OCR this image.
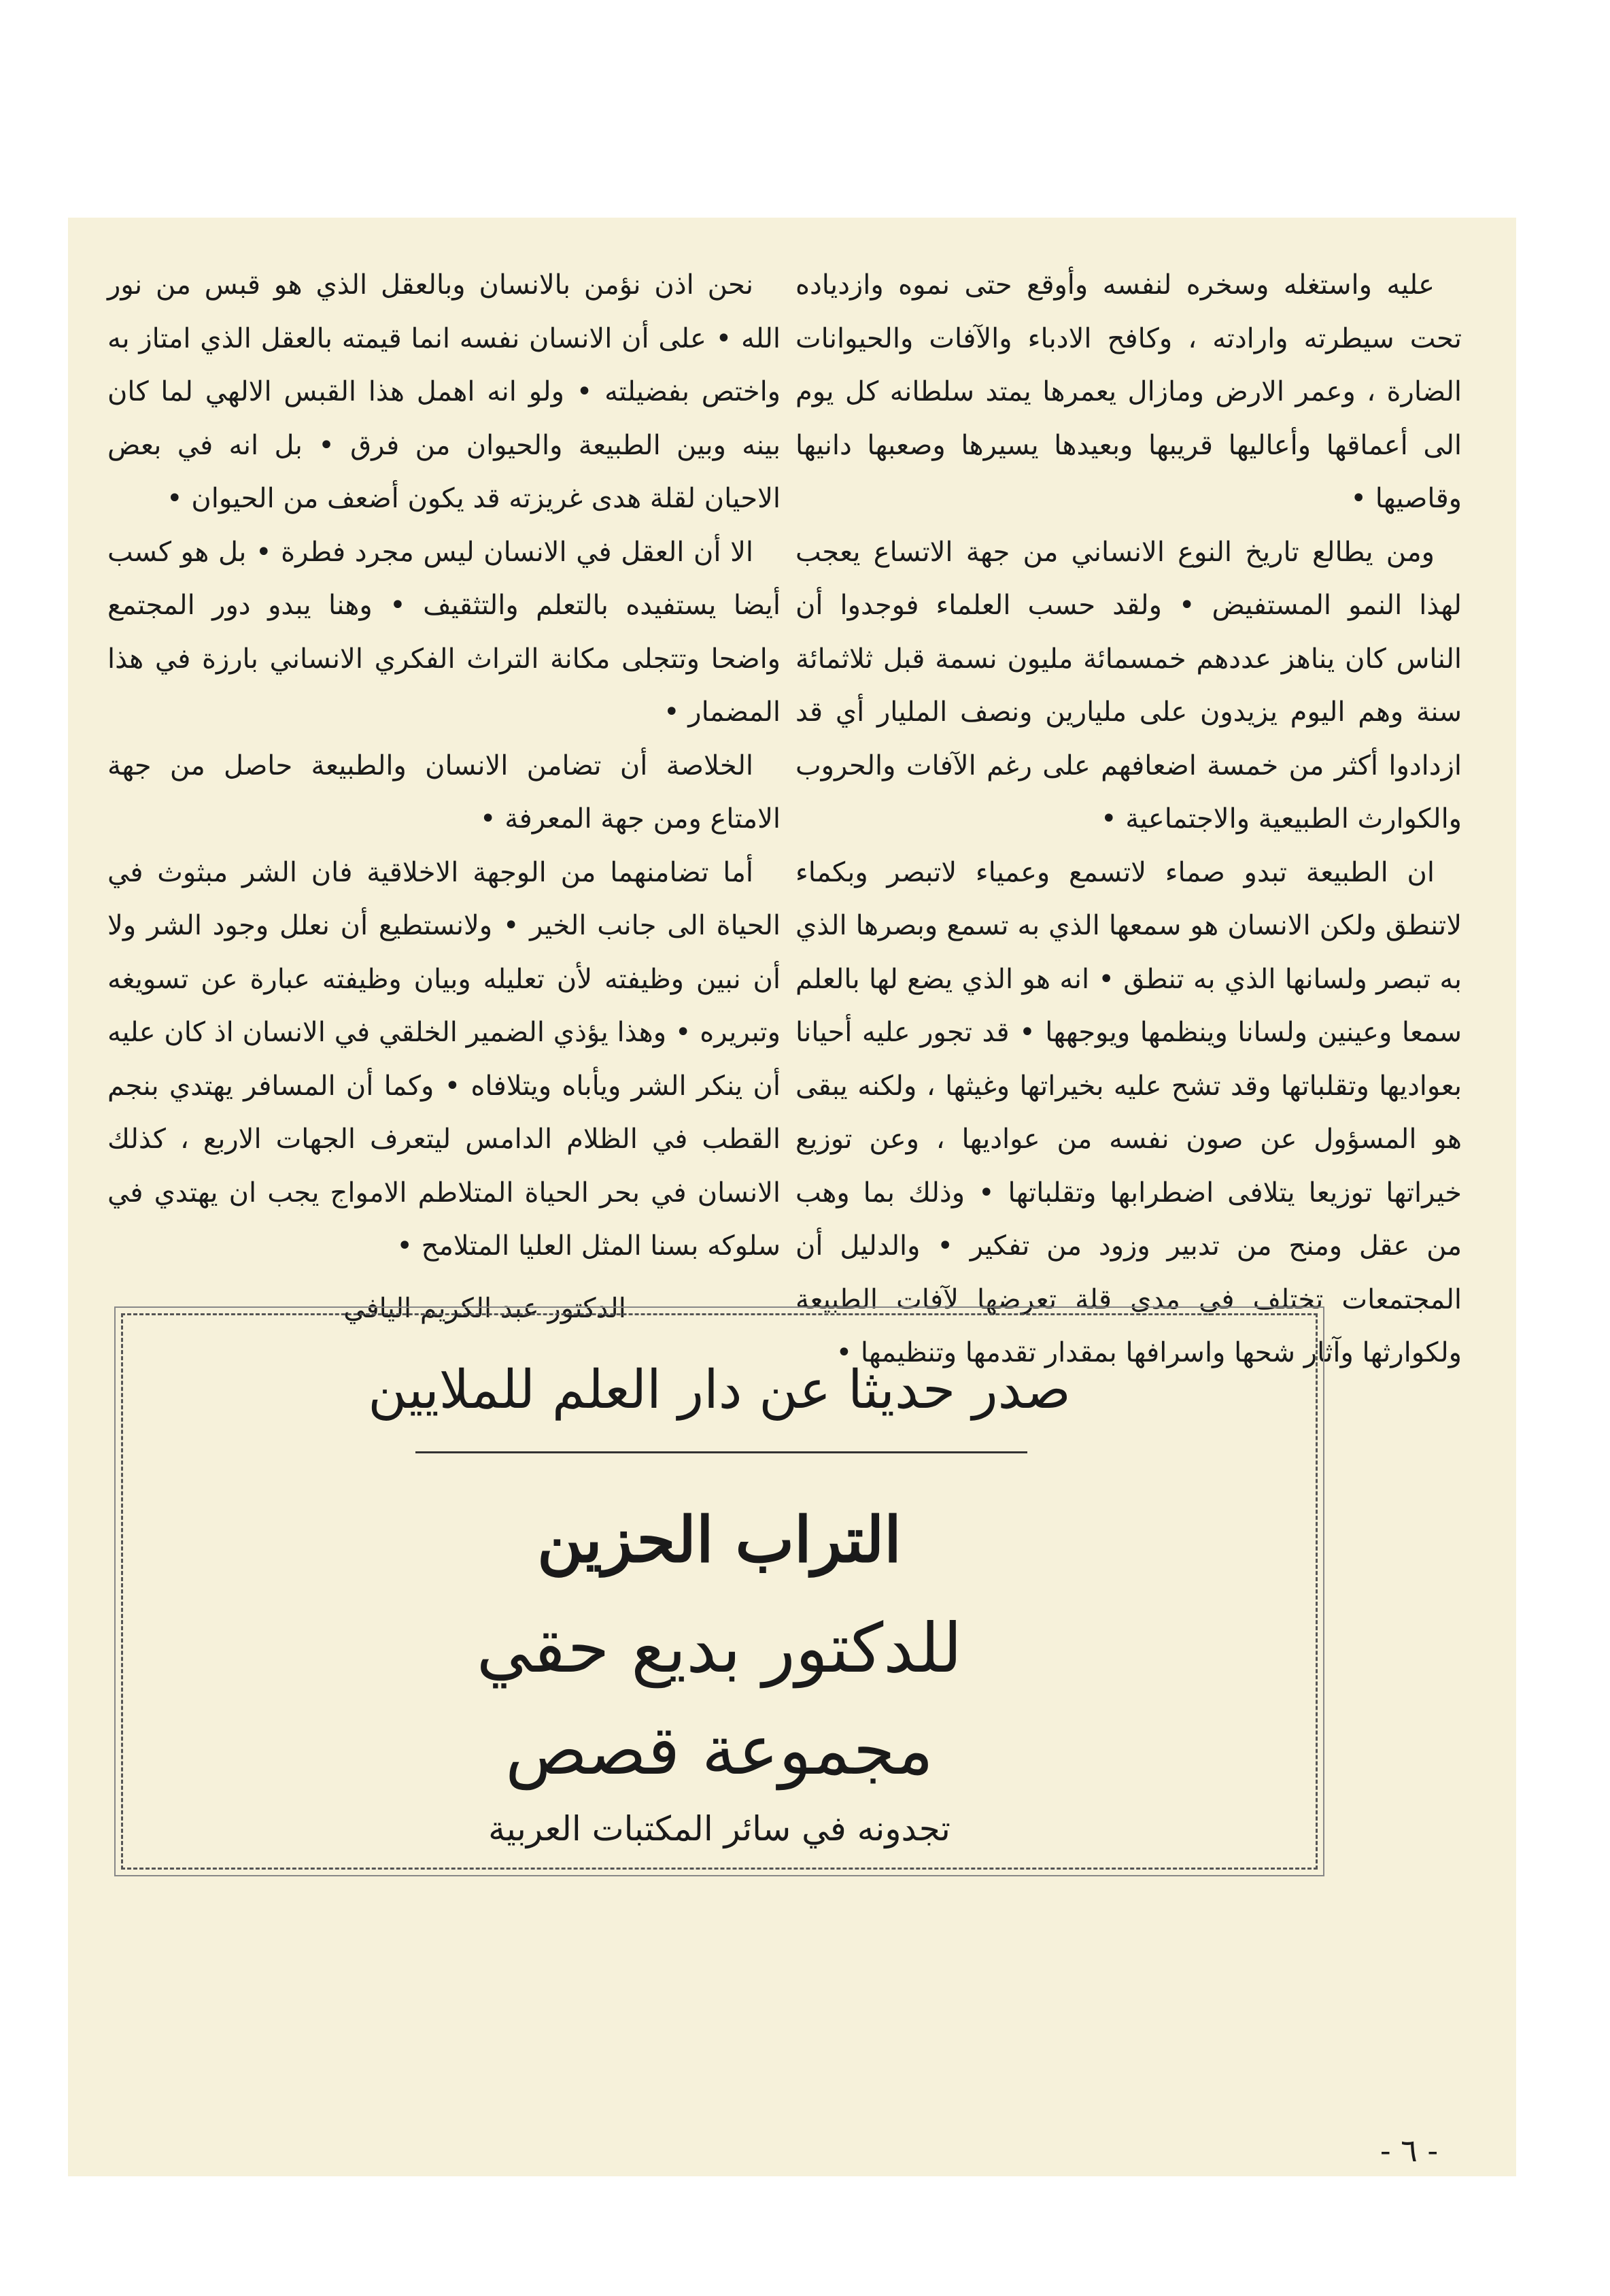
عليه واستغله وسخره لنفسه وأوقع حتى نموه وازدياده تحت سيطرته وارادته ، وكافح الادباء والآفات والحيوانات الضارة ، وعمر الارض ومازال يعمرها يمتد سلطانه كل يوم الى أعماقها وأعاليها قريبها وبعيدها يسيرها وصعبها دانيها وقاصيها •

ومن يطالع تاريخ النوع الانساني من جهة الاتساع يعجب لهذا النمو المستفيض • ولقد حسب العلماء فوجدوا أن الناس كان يناهز عددهم خمسمائة مليون نسمة قبل ثلاثمائة سنة وهم اليوم يزيدون على مليارين ونصف المليار أي قد ازدادوا أكثر من خمسة اضعافهم على رغم الآفات والحروب والكوارث الطبيعية والاجتماعية •

ان الطبيعة تبدو صماء لاتسمع وعمياء لاتبصر وبكماء لاتنطق ولكن الانسان هو سمعها الذي به تسمع وبصرها الذي به تبصر ولسانها الذي به تنطق • انه هو الذي يضع لها بالعلم سمعا وعينين ولسانا وينظمها ويوجهها • قد تجور عليه أحيانا بعواديها وتقلباتها وقد تشح عليه بخيراتها وغيثها ، ولكنه يبقى هو المسؤول عن صون نفسه من عواديها ، وعن توزيع خيراتها توزيعا يتلافى اضطرابها وتقلباتها • وذلك بما وهب من عقل ومنح من تدبير وزود من تفكير • والدليل أن المجتمعات تختلف في مدى قلة تعرضها لآفات الطبيعة ولكوارثها وآثار شحها واسرافها بمقدار تقدمها وتنظيمها •

نحن اذن نؤمن بالانسان وبالعقل الذي هو قبس من نور الله • على أن الانسان نفسه انما قيمته بالعقل الذي امتاز به واختص بفضيلته • ولو انه اهمل هذا القبس الالهي لما كان بينه وبين الطبيعة والحيوان من فرق • بل انه في بعض الاحيان لقلة هدى غريزته قد يكون أضعف من الحيوان •

الا أن العقل في الانسان ليس مجرد فطرة • بل هو كسب أيضا يستفيده بالتعلم والتثقيف • وهنا يبدو دور المجتمع واضحا وتتجلى مكانة التراث الفكري الانساني بارزة في هذا المضمار •

الخلاصة أن تضامن الانسان والطبيعة حاصل من جهة الامتاع ومن جهة المعرفة •

أما تضامنهما من الوجهة الاخلاقية فان الشر مبثوث في الحياة الى جانب الخير • ولانستطيع أن نعلل وجود الشر ولا أن نبين وظيفته لأن تعليله وبيان وظيفته عبارة عن تسويغه وتبريره • وهذا يؤذي الضمير الخلقي في الانسان اذ كان عليه أن ينكر الشر ويأباه ويتلافاه • وكما أن المسافر يهتدي بنجم القطب في الظلام الدامس ليتعرف الجهات الاربع ، كذلك الانسان في بحر الحياة المتلاطم الامواج يجب ان يهتدي في سلوكه بسنا المثل العليا المتلامح •

الدكتور عبد الكريم اليافي
- ٦ -
صدر حديثا عن دار العلم للملايين
التراب الحزين
للدكتور بديع حقي
مجموعة قصص
تجدونه في سائر المكتبات العربية
